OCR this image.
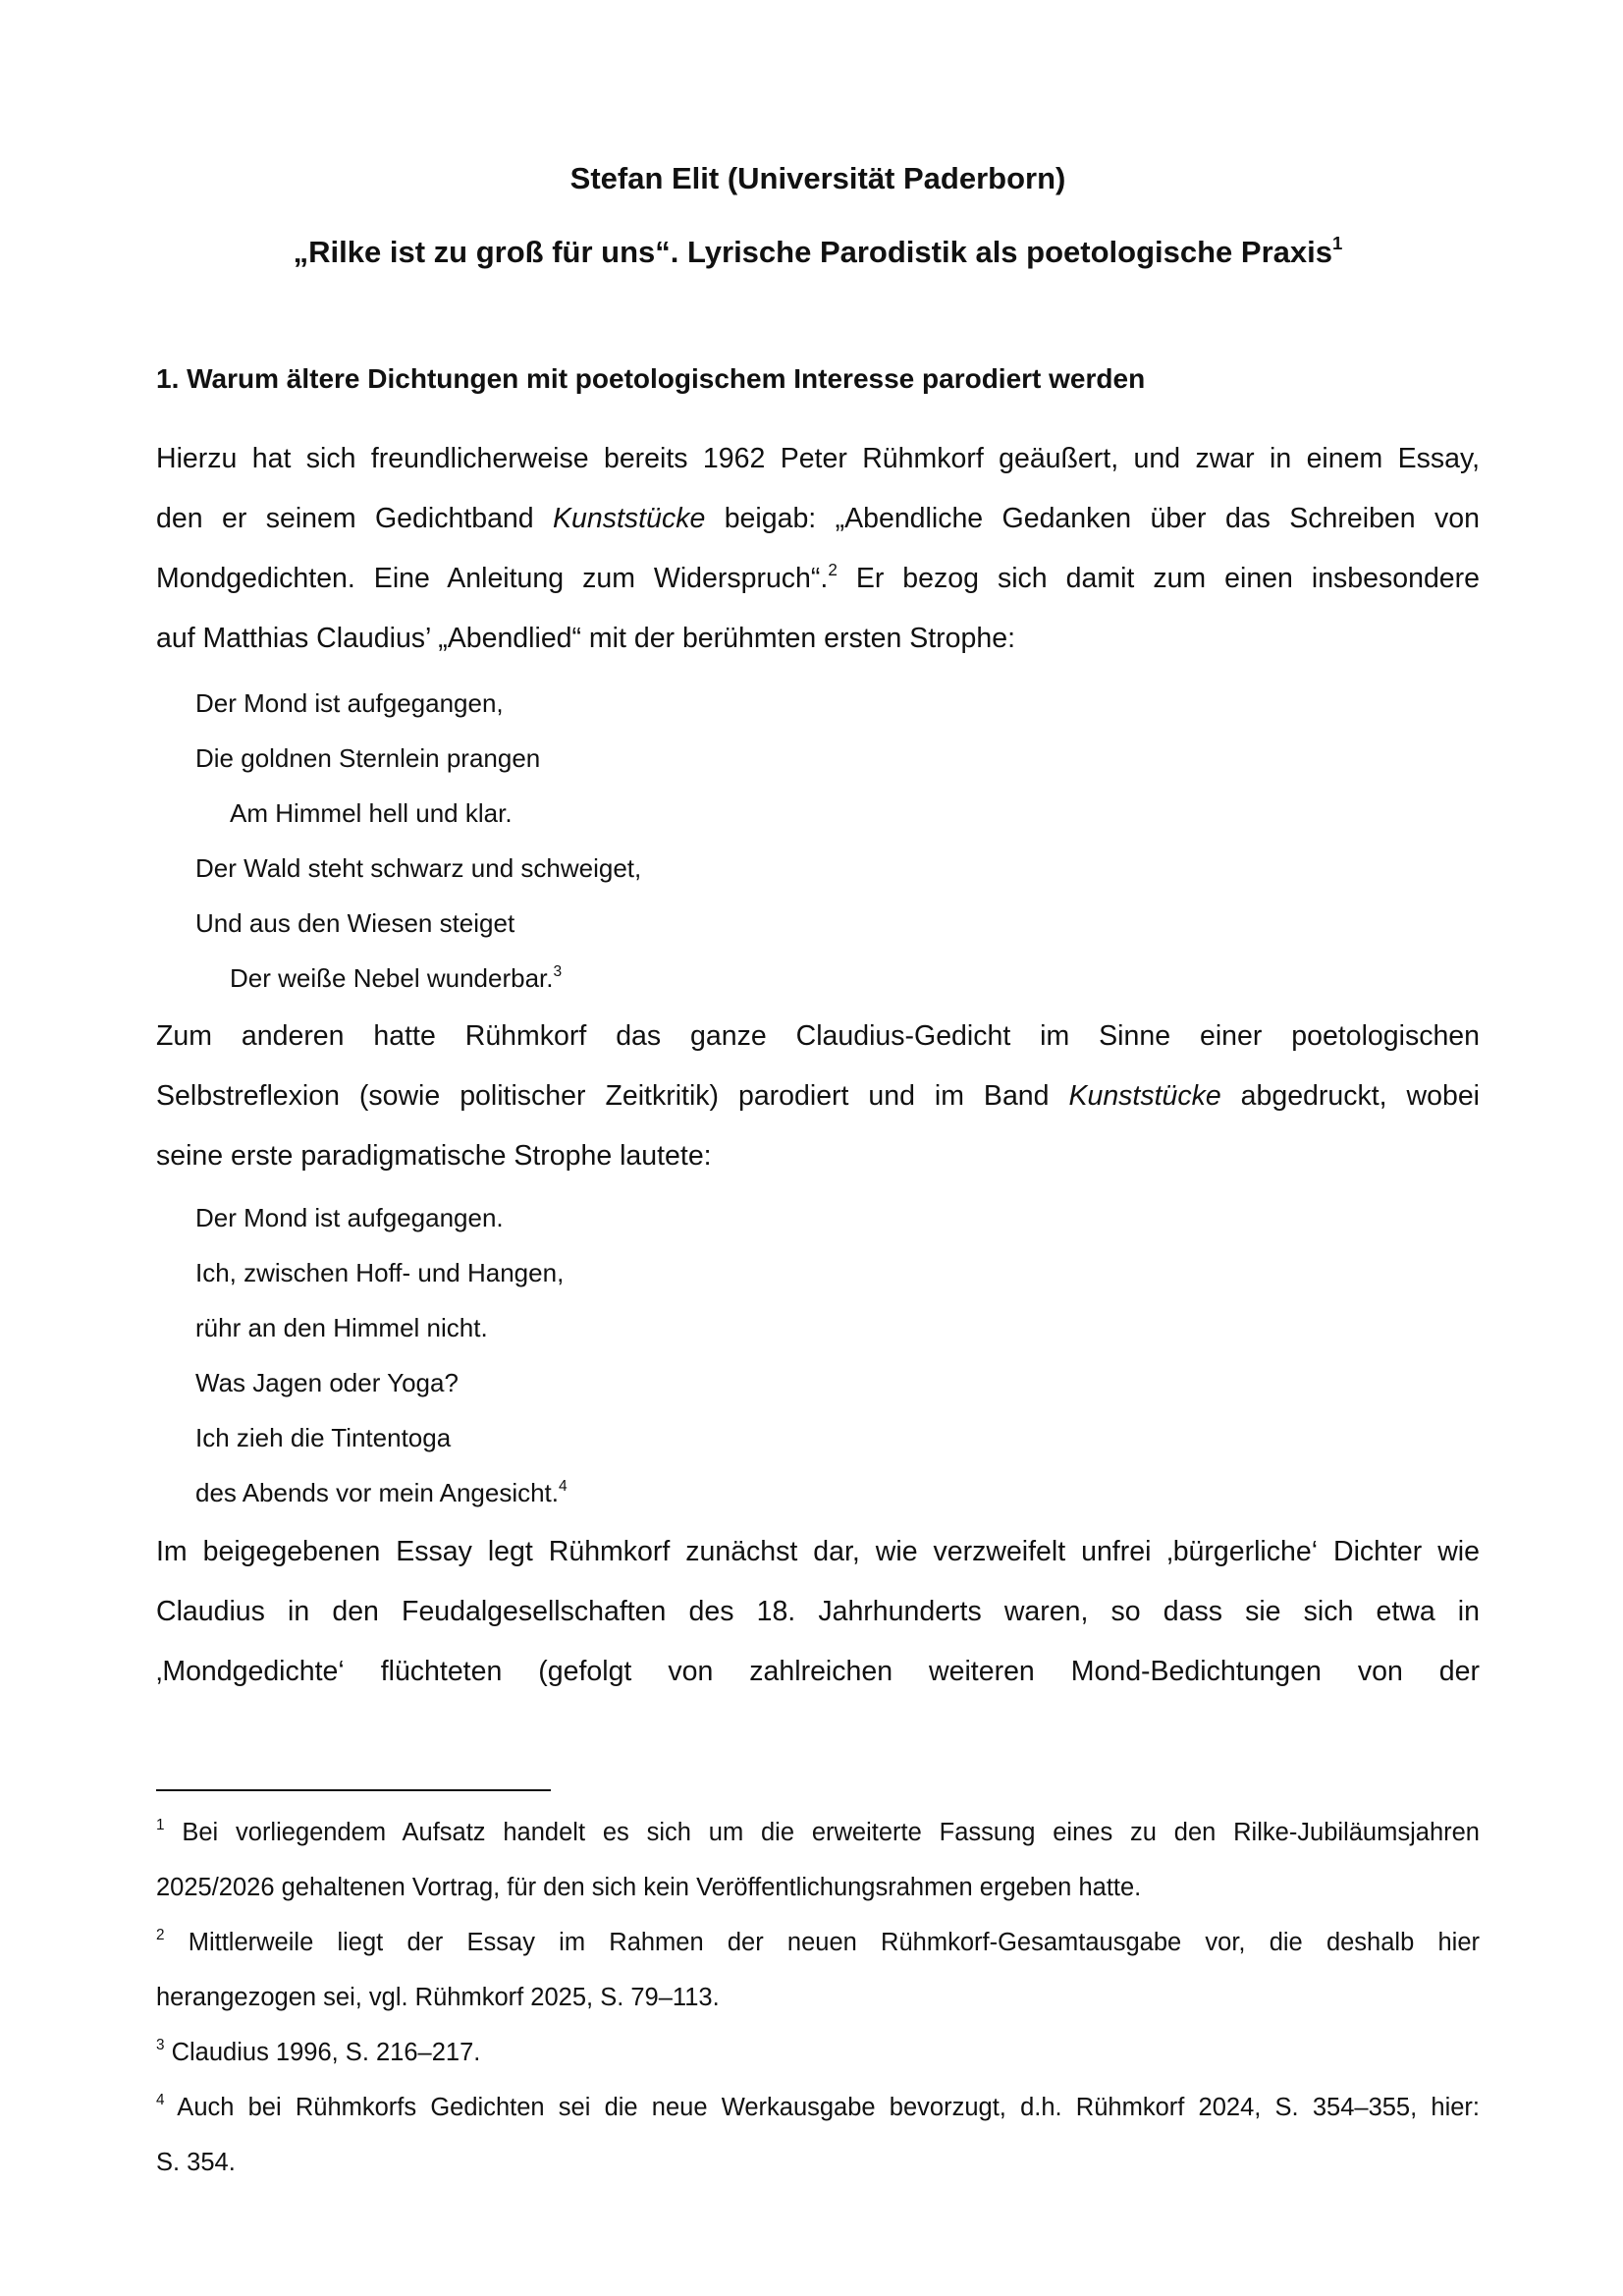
Stefan Elit (Universität Paderborn)

„Rilke ist zu groß für uns“. Lyrische Parodistik als poetologische Praxis$^1$

1. Warum ältere Dichtungen mit poetologischem Interesse parodiert werden

Hierzu hat sich freundlicherweise bereits 1962 Peter Rühmkorf geäußert, und zwar in einem Essay,
den er seinem Gedichtband Kunststücke beigab: „Abendliche Gedanken über das Schreiben von
Mondgedichten. Eine Anleitung zum Widerspruch“.$^2$ Er bezog sich damit zum einen insbesondere
auf Matthias Claudius’ „Abendlied“ mit der berühmten ersten Strophe:

Der Mond ist aufgegangen,
Die goldnen Sternlein prangen
Am Himmel hell und klar.
Der Wald steht schwarz und schweiget,
Und aus den Wiesen steiget
Der weiße Nebel wunderbar.$^3$

Zum anderen hatte Rühmkorf das ganze Claudius-Gedicht im Sinne einer poetologischen
Selbstreflexion (sowie politischer Zeitkritik) parodiert und im Band Kunststücke abgedruckt, wobei
seine erste paradigmatische Strophe lautete:

Der Mond ist aufgegangen.
Ich, zwischen Hoff- und Hangen,
rühr an den Himmel nicht.
Was Jagen oder Yoga?
Ich zieh die Tintentoga
des Abends vor mein Angesicht.$^4$

Im beigegebenen Essay legt Rühmkorf zunächst dar, wie verzweifelt unfrei ‚bürgerliche‘ Dichter wie
Claudius in den Feudalgesellschaften des 18. Jahrhunderts waren, so dass sie sich etwa in
‚Mondgedichte‘ flüchteten (gefolgt von zahlreichen weiteren Mond-Bedichtungen von der

$^1$ Bei vorliegendem Aufsatz handelt es sich um die erweiterte Fassung eines zu den Rilke-Jubiläumsjahren
2025/2026 gehaltenen Vortrag, für den sich kein Veröffentlichungsrahmen ergeben hatte.

$^2$ Mittlerweile liegt der Essay im Rahmen der neuen Rühmkorf-Gesamtausgabe vor, die deshalb hier
herangezogen sei, vgl. Rühmkorf 2025, S. 79–113.

$^3$ Claudius 1996, S. 216–217.

$^4$ Auch bei Rühmkorfs Gedichten sei die neue Werkausgabe bevorzugt, d.h. Rühmkorf 2024, S. 354–355, hier:
S. 354.
